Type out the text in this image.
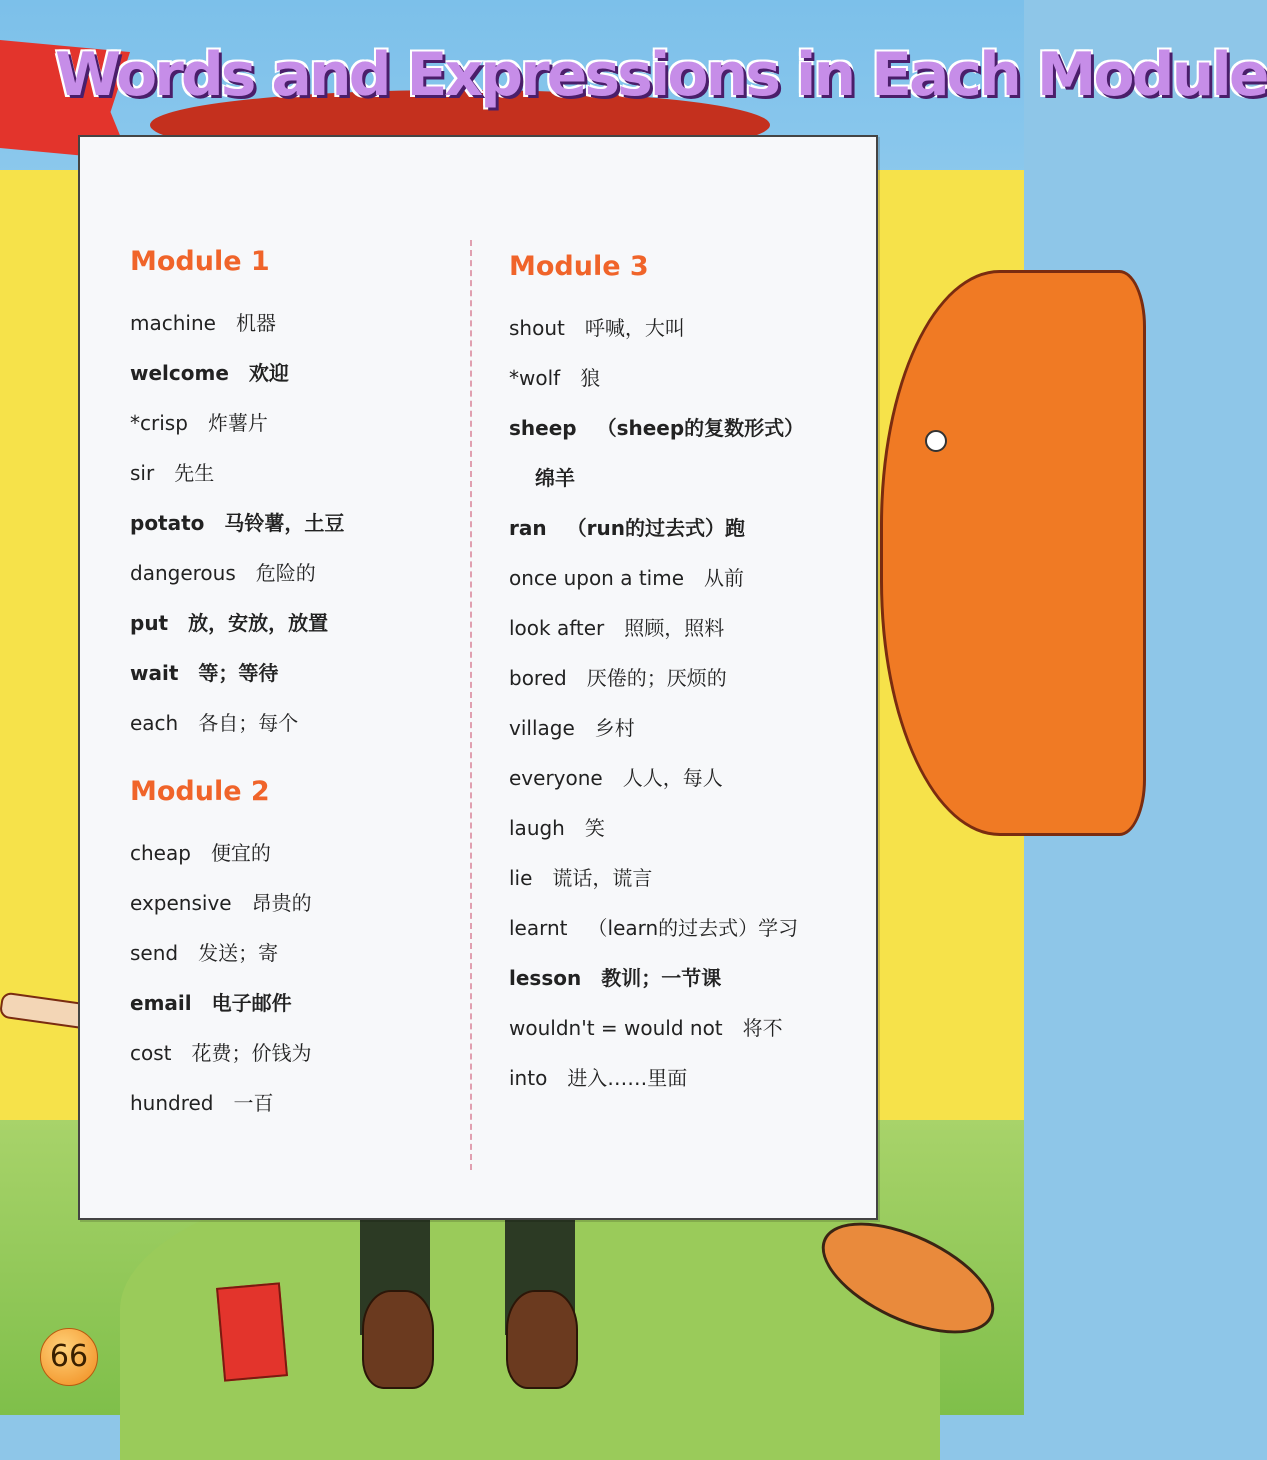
Words and Expressions in Each Module
Module 1
machine 机器
welcome 欢迎
*crisp 炸薯片
sir 先生
potato 马铃薯，土豆
dangerous 危险的
put 放，安放，放置
wait 等；等待
each 各自；每个
Module 2
cheap 便宜的
expensive 昂贵的
send 发送；寄
email 电子邮件
cost 花费；价钱为
hundred 一百
Module 3
shout 呼喊，大叫
*wolf 狼
sheep （sheep的复数形式）
绵羊
ran （run的过去式）跑
once upon a time 从前
look after 照顾，照料
bored 厌倦的；厌烦的
village 乡村
everyone 人人，每人
laugh 笑
lie 谎话，谎言
learnt （learn的过去式）学习
lesson 教训；一节课
wouldn't = would not 将不
into 进入……里面
66
